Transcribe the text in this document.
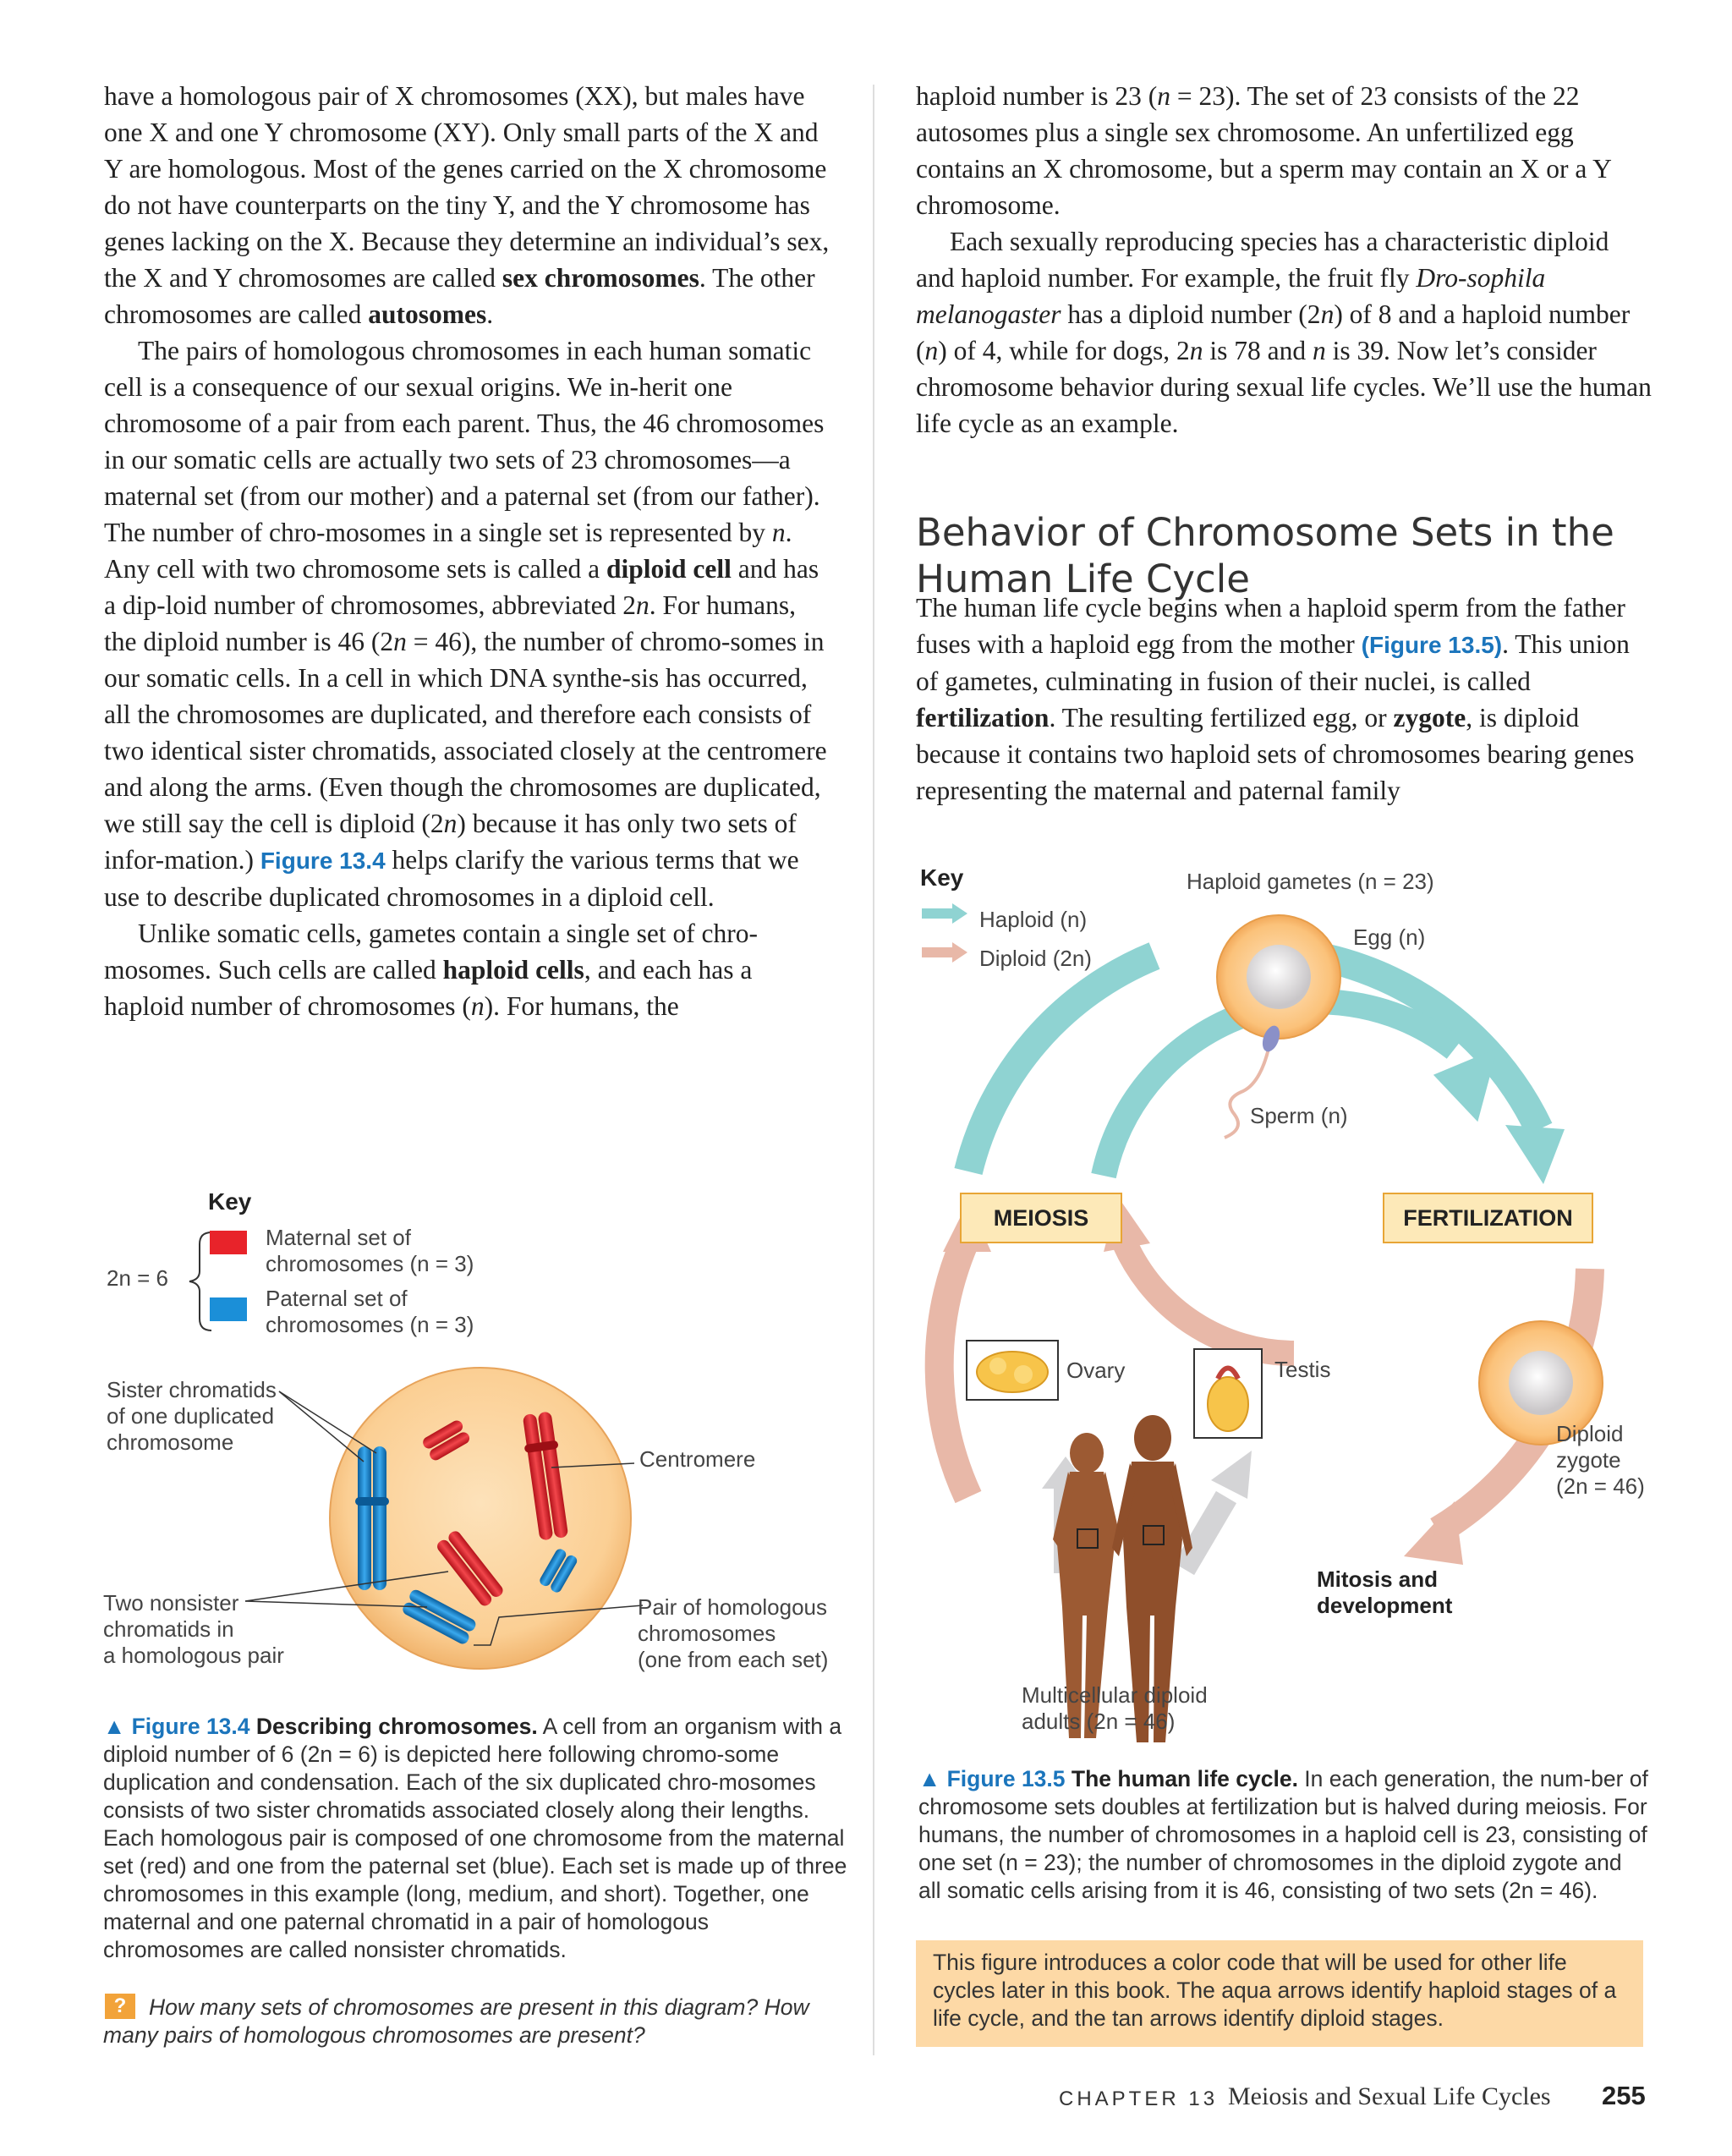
have a homologous pair of X chromosomes (XX), but males have one X and one Y chromosome (XY). Only small parts of the X and Y are homologous. Most of the genes carried on the X chromosome do not have counterparts on the tiny Y, and the Y chromosome has genes lacking on the X. Because they determine an individual’s sex, the X and Y chromosomes are called sex chromosomes. The other chromosomes are called autosomes.

The pairs of homologous chromosomes in each human somatic cell is a consequence of our sexual origins. We in-herit one chromosome of a pair from each parent. Thus, the 46 chromosomes in our somatic cells are actually two sets of 23 chromosomes—a maternal set (from our mother) and a paternal set (from our father). The number of chro-mosomes in a single set is represented by n. Any cell with two chromosome sets is called a diploid cell and has a dip-loid number of chromosomes, abbreviated 2n. For humans, the diploid number is 46 (2n = 46), the number of chromo-somes in our somatic cells. In a cell in which DNA synthe-sis has occurred, all the chromosomes are duplicated, and therefore each consists of two identical sister chromatids, associated closely at the centromere and along the arms. (Even though the chromosomes are duplicated, we still say the cell is diploid (2n) because it has only two sets of infor-mation.) Figure 13.4 helps clarify the various terms that we use to describe duplicated chromosomes in a diploid cell.

Unlike somatic cells, gametes contain a single set of chro-mosomes. Such cells are called haploid cells, and each has a haploid number of chromosomes (n). For humans, the

haploid number is 23 (n = 23). The set of 23 consists of the 22 autosomes plus a single sex chromosome. An unfertilized egg contains an X chromosome, but a sperm may contain an X or a Y chromosome.

Each sexually reproducing species has a characteristic diploid and haploid number. For example, the fruit fly Dro-sophila melanogaster has a diploid number (2n) of 8 and a haploid number (n) of 4, while for dogs, 2n is 78 and n is 39. Now let’s consider chromosome behavior during sexual life cycles. We’ll use the human life cycle as an example.

Behavior of Chromosome Sets in the Human Life Cycle

The human life cycle begins when a haploid sperm from the father fuses with a haploid egg from the mother (Figure 13.5). This union of gametes, culminating in fusion of their nuclei, is called fertilization. The resulting fertilized egg, or zygote, is diploid because it contains two haploid sets of chromosomes bearing genes representing the maternal and paternal family

Key
2n = 6
Maternal set of
chromosomes (n = 3)
Paternal set of
chromosomes (n = 3)
Sister chromatids
of one duplicated
chromosome
Centromere
Two nonsister
chromatids in
a homologous pair
Pair of homologous
chromosomes
(one from each set)
▲ Figure 13.4 Describing chromosomes. A cell from an organism with a diploid number of 6 (2n = 6) is depicted here following chromo-some duplication and condensation. Each of the six duplicated chro-mosomes consists of two sister chromatids associated closely along their lengths. Each homologous pair is composed of one chromosome from the maternal set (red) and one from the paternal set (blue). Each set is made up of three chromosomes in this example (long, medium, and short). Together, one maternal and one paternal chromatid in a pair of homologous chromosomes are called nonsister chromatids.
?	How many sets of chromosomes are present in this diagram? How many pairs of homologous chromosomes are present?
Key
Haploid (n)
Diploid (2n)
Haploid gametes (n = 23)
Egg (n)
Sperm (n)
MEIOSIS	FERTILIZATION
Ovary	Testis
Diploid
zygote
(2n = 46)
Mitosis and
development
Multicellular diploid
adults (2n = 46)
▲ Figure 13.5 The human life cycle. In each generation, the num-ber of chromosome sets doubles at fertilization but is halved during meiosis. For humans, the number of chromosomes in a haploid cell is 23, consisting of one set (n = 23); the number of chromosomes in the diploid zygote and all somatic cells arising from it is 46, consisting of two sets (2n = 46).
This figure introduces a color code that will be used for other life cycles later in this book. The aqua arrows identify haploid stages of a life cycle, and the tan arrows identify diploid stages.
CHAPTER 13 Meiosis and Sexual Life Cycles 255
